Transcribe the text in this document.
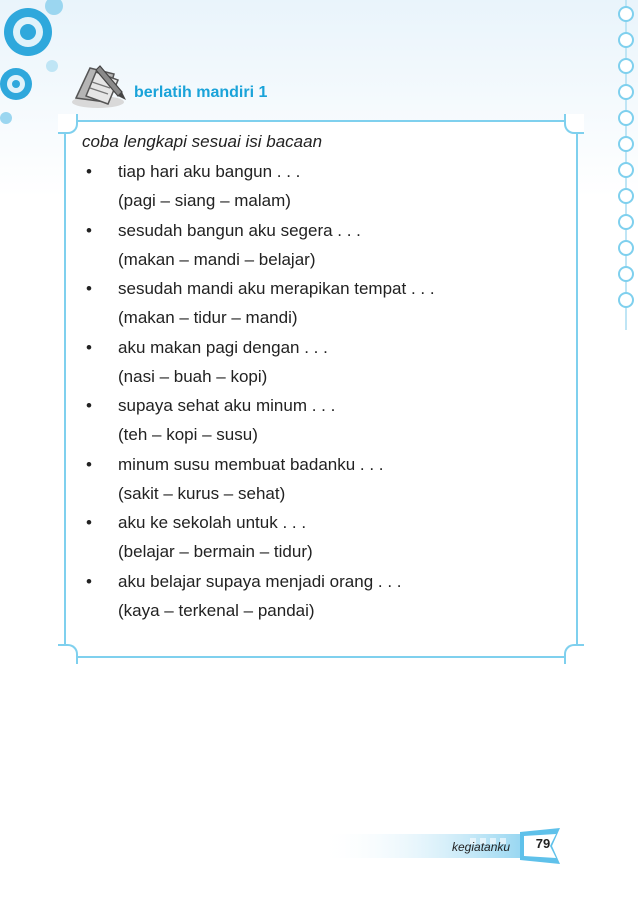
berlatih mandiri 1
coba lengkapi sesuai isi bacaan
• tiap hari aku bangun . . .
(pagi – siang – malam)
• sesudah bangun aku segera . . .
(makan – mandi – belajar)
• sesudah mandi aku merapikan tempat . . .
(makan – tidur – mandi)
• aku makan pagi dengan . . .
(nasi – buah – kopi)
• supaya sehat aku minum . . .
(teh – kopi – susu)
• minum susu membuat badanku . . .
(sakit – kurus – sehat)
• aku ke sekolah untuk . . .
(belajar – bermain – tidur)
• aku belajar supaya menjadi orang . . .
(kaya – terkenal – pandai)
kegiatanku	79
